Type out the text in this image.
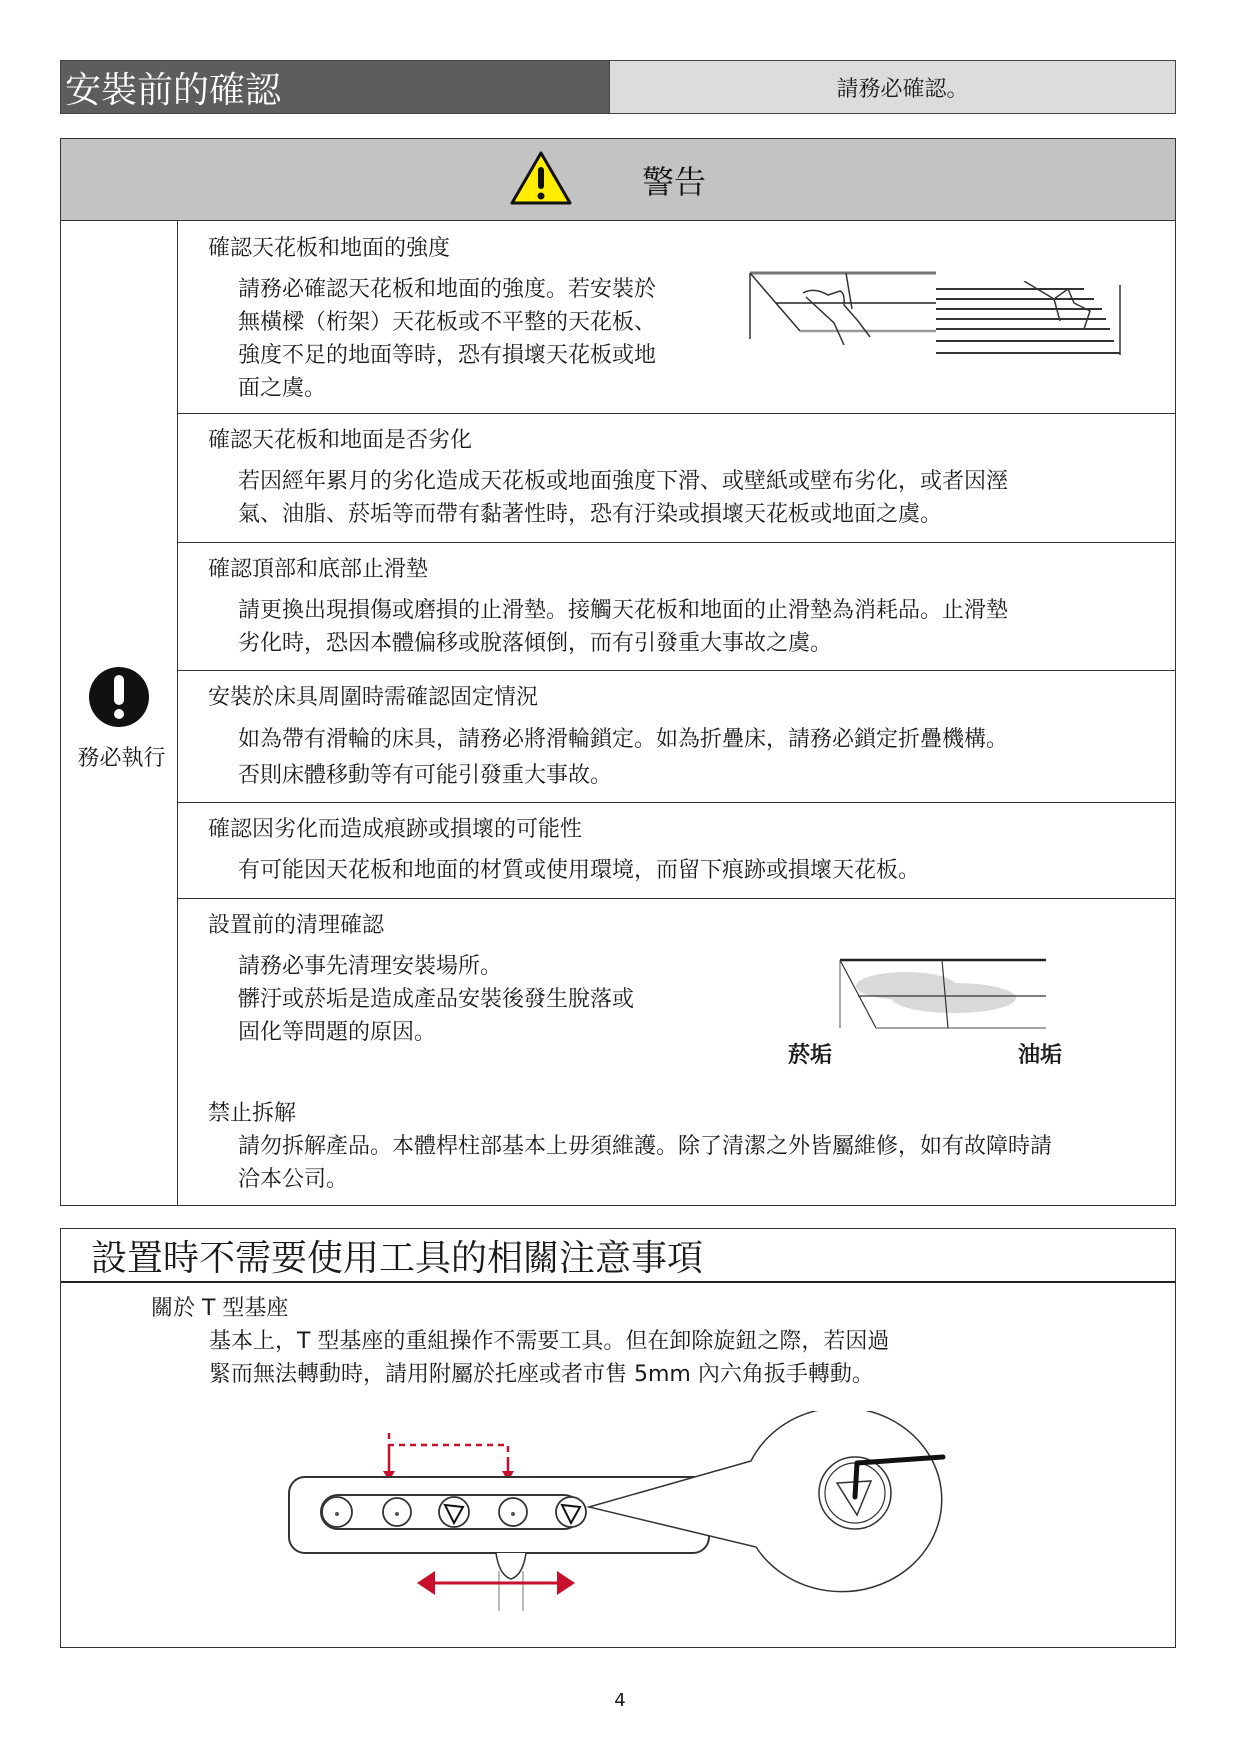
安裝前的確認	請務必確認。
警告
務必執行
確認天花板和地面的強度
請務必確認天花板和地面的強度。若安裝於
無橫樑（桁架）天花板或不平整的天花板、
強度不足的地面等時，恐有損壞天花板或地
面之虞。
確認天花板和地面是否劣化
若因經年累月的劣化造成天花板或地面強度下滑、或壁紙或壁布劣化，或者因溼
氣、油脂、菸垢等而帶有黏著性時，恐有汙染或損壞天花板或地面之虞。
確認頂部和底部止滑墊
請更換出現損傷或磨損的止滑墊。接觸天花板和地面的止滑墊為消耗品。止滑墊
劣化時，恐因本體偏移或脫落傾倒，而有引發重大事故之虞。
安裝於床具周圍時需確認固定情況
如為帶有滑輪的床具，請務必將滑輪鎖定。如為折疊床，請務必鎖定折疊機構。
否則床體移動等有可能引發重大事故。
確認因劣化而造成痕跡或損壞的可能性
有可能因天花板和地面的材質或使用環境，而留下痕跡或損壞天花板。
設置前的清理確認
請務必事先清理安裝場所。
髒汙或菸垢是造成產品安裝後發生脫落或
固化等問題的原因。
菸垢	油垢
禁止拆解
請勿拆解產品。本體桿柱部基本上毋須維護。除了清潔之外皆屬維修，如有故障時請
洽本公司。
設置時不需要使用工具的相關注意事項
關於 T 型基座
基本上，T 型基座的重組操作不需要工具。但在卸除旋鈕之際，若因過
緊而無法轉動時，請用附屬於托座或者市售 5mm 內六角扳手轉動。
4
